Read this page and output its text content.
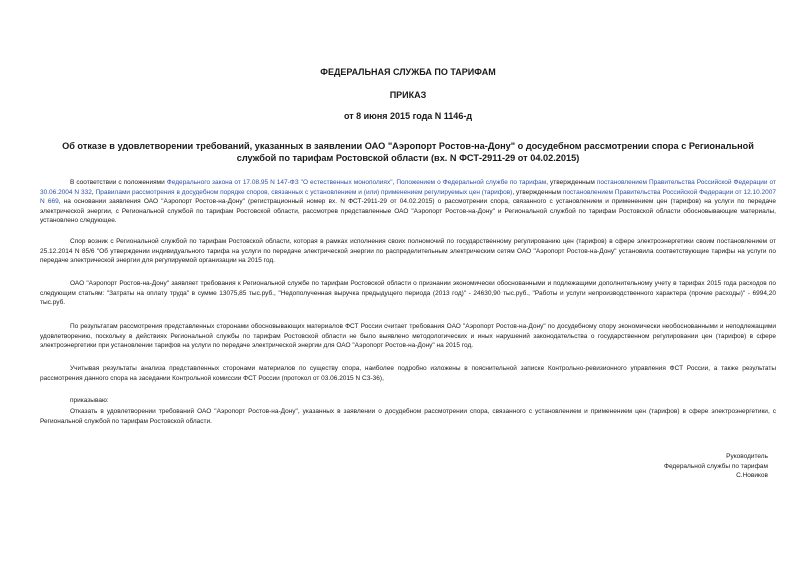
ФЕДЕРАЛЬНАЯ СЛУЖБА ПО ТАРИФАМ
ПРИКАЗ
от 8 июня 2015 года N 1146-д
Об отказе в удовлетворении требований, указанных в заявлении ОАО "Аэропорт Ростов-на-Дону" о досудебном рассмотрении спора с Региональной службой по тарифам Ростовской области (вх. N ФСТ-2911-29 от 04.02.2015)

В соответствии с положениями Федерального закона от 17.08.95 N 147-ФЗ "О естественных монополиях", Положением о Федеральной службе по тарифам, утвержденным постановлением Правительства Российской Федерации от 30.06.2004 N 332, Правилами рассмотрения в досудебном порядке споров, связанных с установлением и (или) применением регулируемых цен (тарифов), утвержденным постановлением Правительства Российской Федерации от 12.10.2007 N 669, на основании заявления ОАО "Аэропорт Ростов-на-Дону" (регистрационный номер вх. N ФСТ-2911-29 от 04.02.2015) о рассмотрении спора, связанного с установлением и применением цен (тарифов) на услуги по передаче электрической энергии, с Региональной службой по тарифам Ростовской области, рассмотрев представленные ОАО "Аэропорт Ростов-на-Дону" и Региональной службой по тарифам Ростовской области обосновывающие материалы, установлено следующее.

Спор возник с Региональной службой по тарифам Ростовской области, которая в рамках исполнения своих полномочий по государственному регулированию цен (тарифов) в сфере электроэнергетики своим постановлением от 25.12.2014 N 85/6 "Об утверждении индивидуального тарифа на услуги по передаче электрической энергии по распределительным электрическим сетям ОАО "Аэропорт Ростов-на-Дону" установила соответствующие тарифы на услуги по передаче электрической энергии для регулируемой организации на 2015 год.

ОАО "Аэропорт Ростов-на-Дону" заявляет требования к Региональной службе по тарифам Ростовской области о признании экономически обоснованными и подлежащими дополнительному учету в тарифах 2015 года расходов по следующим статьям: "Затраты на оплату труда" в сумме 13075,85 тыс.руб., "Недополученная выручка предыдущего периода (2013 год)" - 24630,90 тыс.руб., "Работы и услуги непроизводственного характера (прочие расходы)" - 6994,20 тыс.руб.

По результатам рассмотрения представленных сторонами обосновывающих материалов ФСТ России считает требования ОАО "Аэропорт Ростов-на-Дону" по досудебному спору экономически необоснованными и неподлежащими удовлетворению, поскольку в действиях Региональной службы по тарифам Ростовской области не было выявлено методологических и иных нарушений законодательства о государственном регулировании цен (тарифов) в сфере электроэнергетики при установлении тарифов на услуги по передаче электрической энергии для ОАО "Аэропорт Ростов-на-Дону" на 2015 год.

Учитывая результаты анализа представленных сторонами материалов по существу спора, наиболее подробно изложены в пояснительной записке Контрольно-ревизионного управления ФСТ России, а также результаты рассмотрения данного спора на заседании Контрольной комиссии ФСТ России (протокол от 03.06.2015 N СЗ-36),

приказываю:

Отказать в удовлетворении требований ОАО "Аэропорт Ростов-на-Дону", указанных в заявлении о досудебном рассмотрении спора, связанного с установлением и применением цен (тарифов) в сфере электроэнергетики, с Региональной службой по тарифам Ростовской области.

Руководитель
Федеральной службы по тарифам
С.Новиков
